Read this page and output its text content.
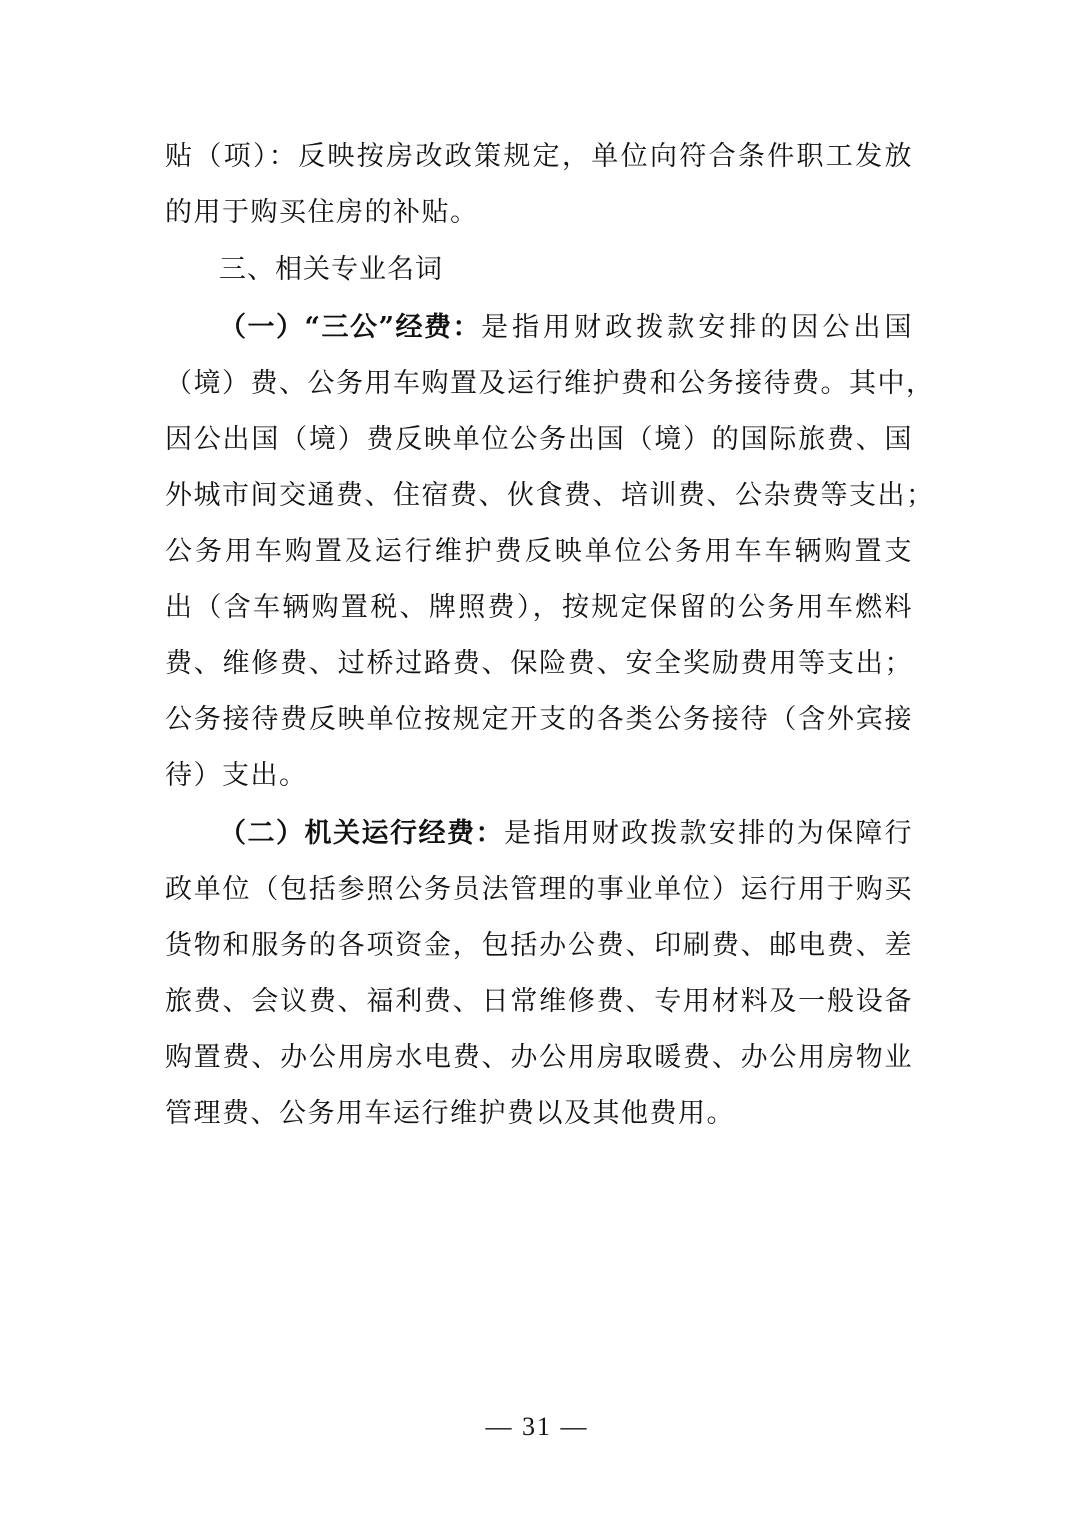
贴（项）：反映按房改政策规定，单位向符合条件职工发放
的用于购买住房的补贴。
三、相关专业名词
（一）“三公”经费： 是指用财政拨款安排的因公出国
（境）费、公务用车购置及运行维护费和公务接待费。其中，
因公出国（境）费反映单位公务出国（境）的国际旅费、国
外城市间交通费、住宿费、伙食费、培训费、公杂费等支出；
公务用车购置及运行维护费反映单位公务用车车辆购置支
出（含车辆购置税、牌照费），按规定保留的公务用车燃料
费、维修费、过桥过路费、保险费、安全奖励费用等支出；
公务接待费反映单位按规定开支的各类公务接待（含外宾接
待）支出。
（二）机关运行经费： 是指用财政拨款安排的为保障行
政单位（包括参照公务员法管理的事业单位）运行用于购买
货物和服务的各项资金，包括办公费、印刷费、邮电费、差
旅费、会议费、福利费、日常维修费、专用材料及一般设备
购置费、办公用房水电费、办公用房取暖费、办公用房物业
管理费、公务用车运行维护费以及其他费用。
— 31 —
